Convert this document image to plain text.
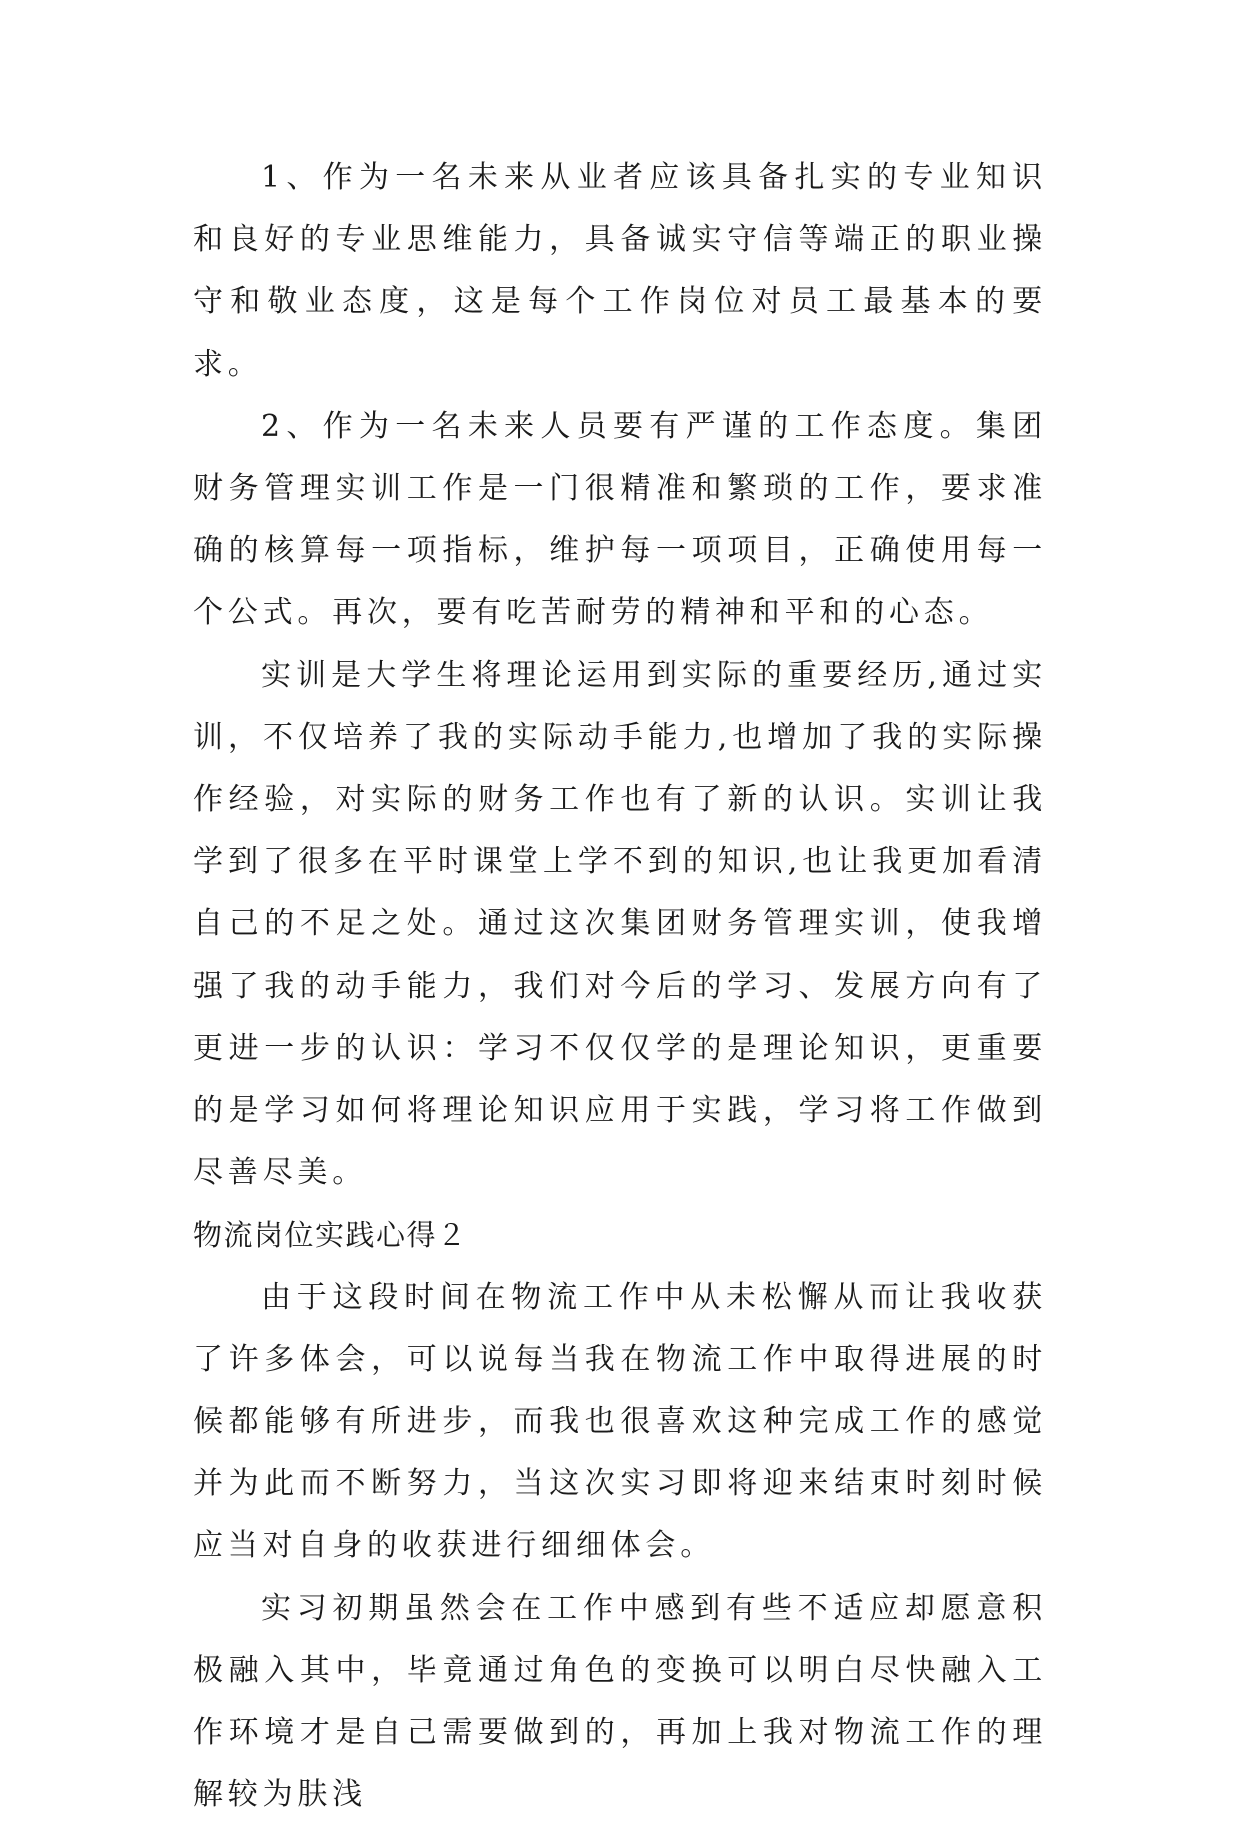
1、作为一名未来从业者应该具备扎实的专业知识和良好的专业思维能力，具备诚实守信等端正的职业操守和敬业态度，这是每个工作岗位对员工最基本的要求。

2、作为一名未来人员要有严谨的工作态度。集团财务管理实训工作是一门很精准和繁琐的工作，要求准确的核算每一项指标，维护每一项项目，正确使用每一个公式。再次，要有吃苦耐劳的精神和平和的心态。

实训是大学生将理论运用到实际的重要经历,通过实训，不仅培养了我的实际动手能力,也增加了我的实际操作经验，对实际的财务工作也有了新的认识。实训让我学到了很多在平时课堂上学不到的知识,也让我更加看清自己的不足之处。通过这次集团财务管理实训，使我增强了我的动手能力，我们对今后的学习、发展方向有了更进一步的认识：学习不仅仅学的是理论知识，更重要的是学习如何将理论知识应用于实践，学习将工作做到尽善尽美。

物流岗位实践心得２

由于这段时间在物流工作中从未松懈从而让我收获了许多体会，可以说每当我在物流工作中取得进展的时候都能够有所进步，而我也很喜欢这种完成工作的感觉并为此而不断努力，当这次实习即将迎来结束时刻时候应当对自身的收获进行细细体会。

实习初期虽然会在工作中感到有些不适应却愿意积极融入其中，毕竟通过角色的变换可以明白尽快融入工作环境才是自己需要做到的，再加上我对物流工作的理解较为肤浅
